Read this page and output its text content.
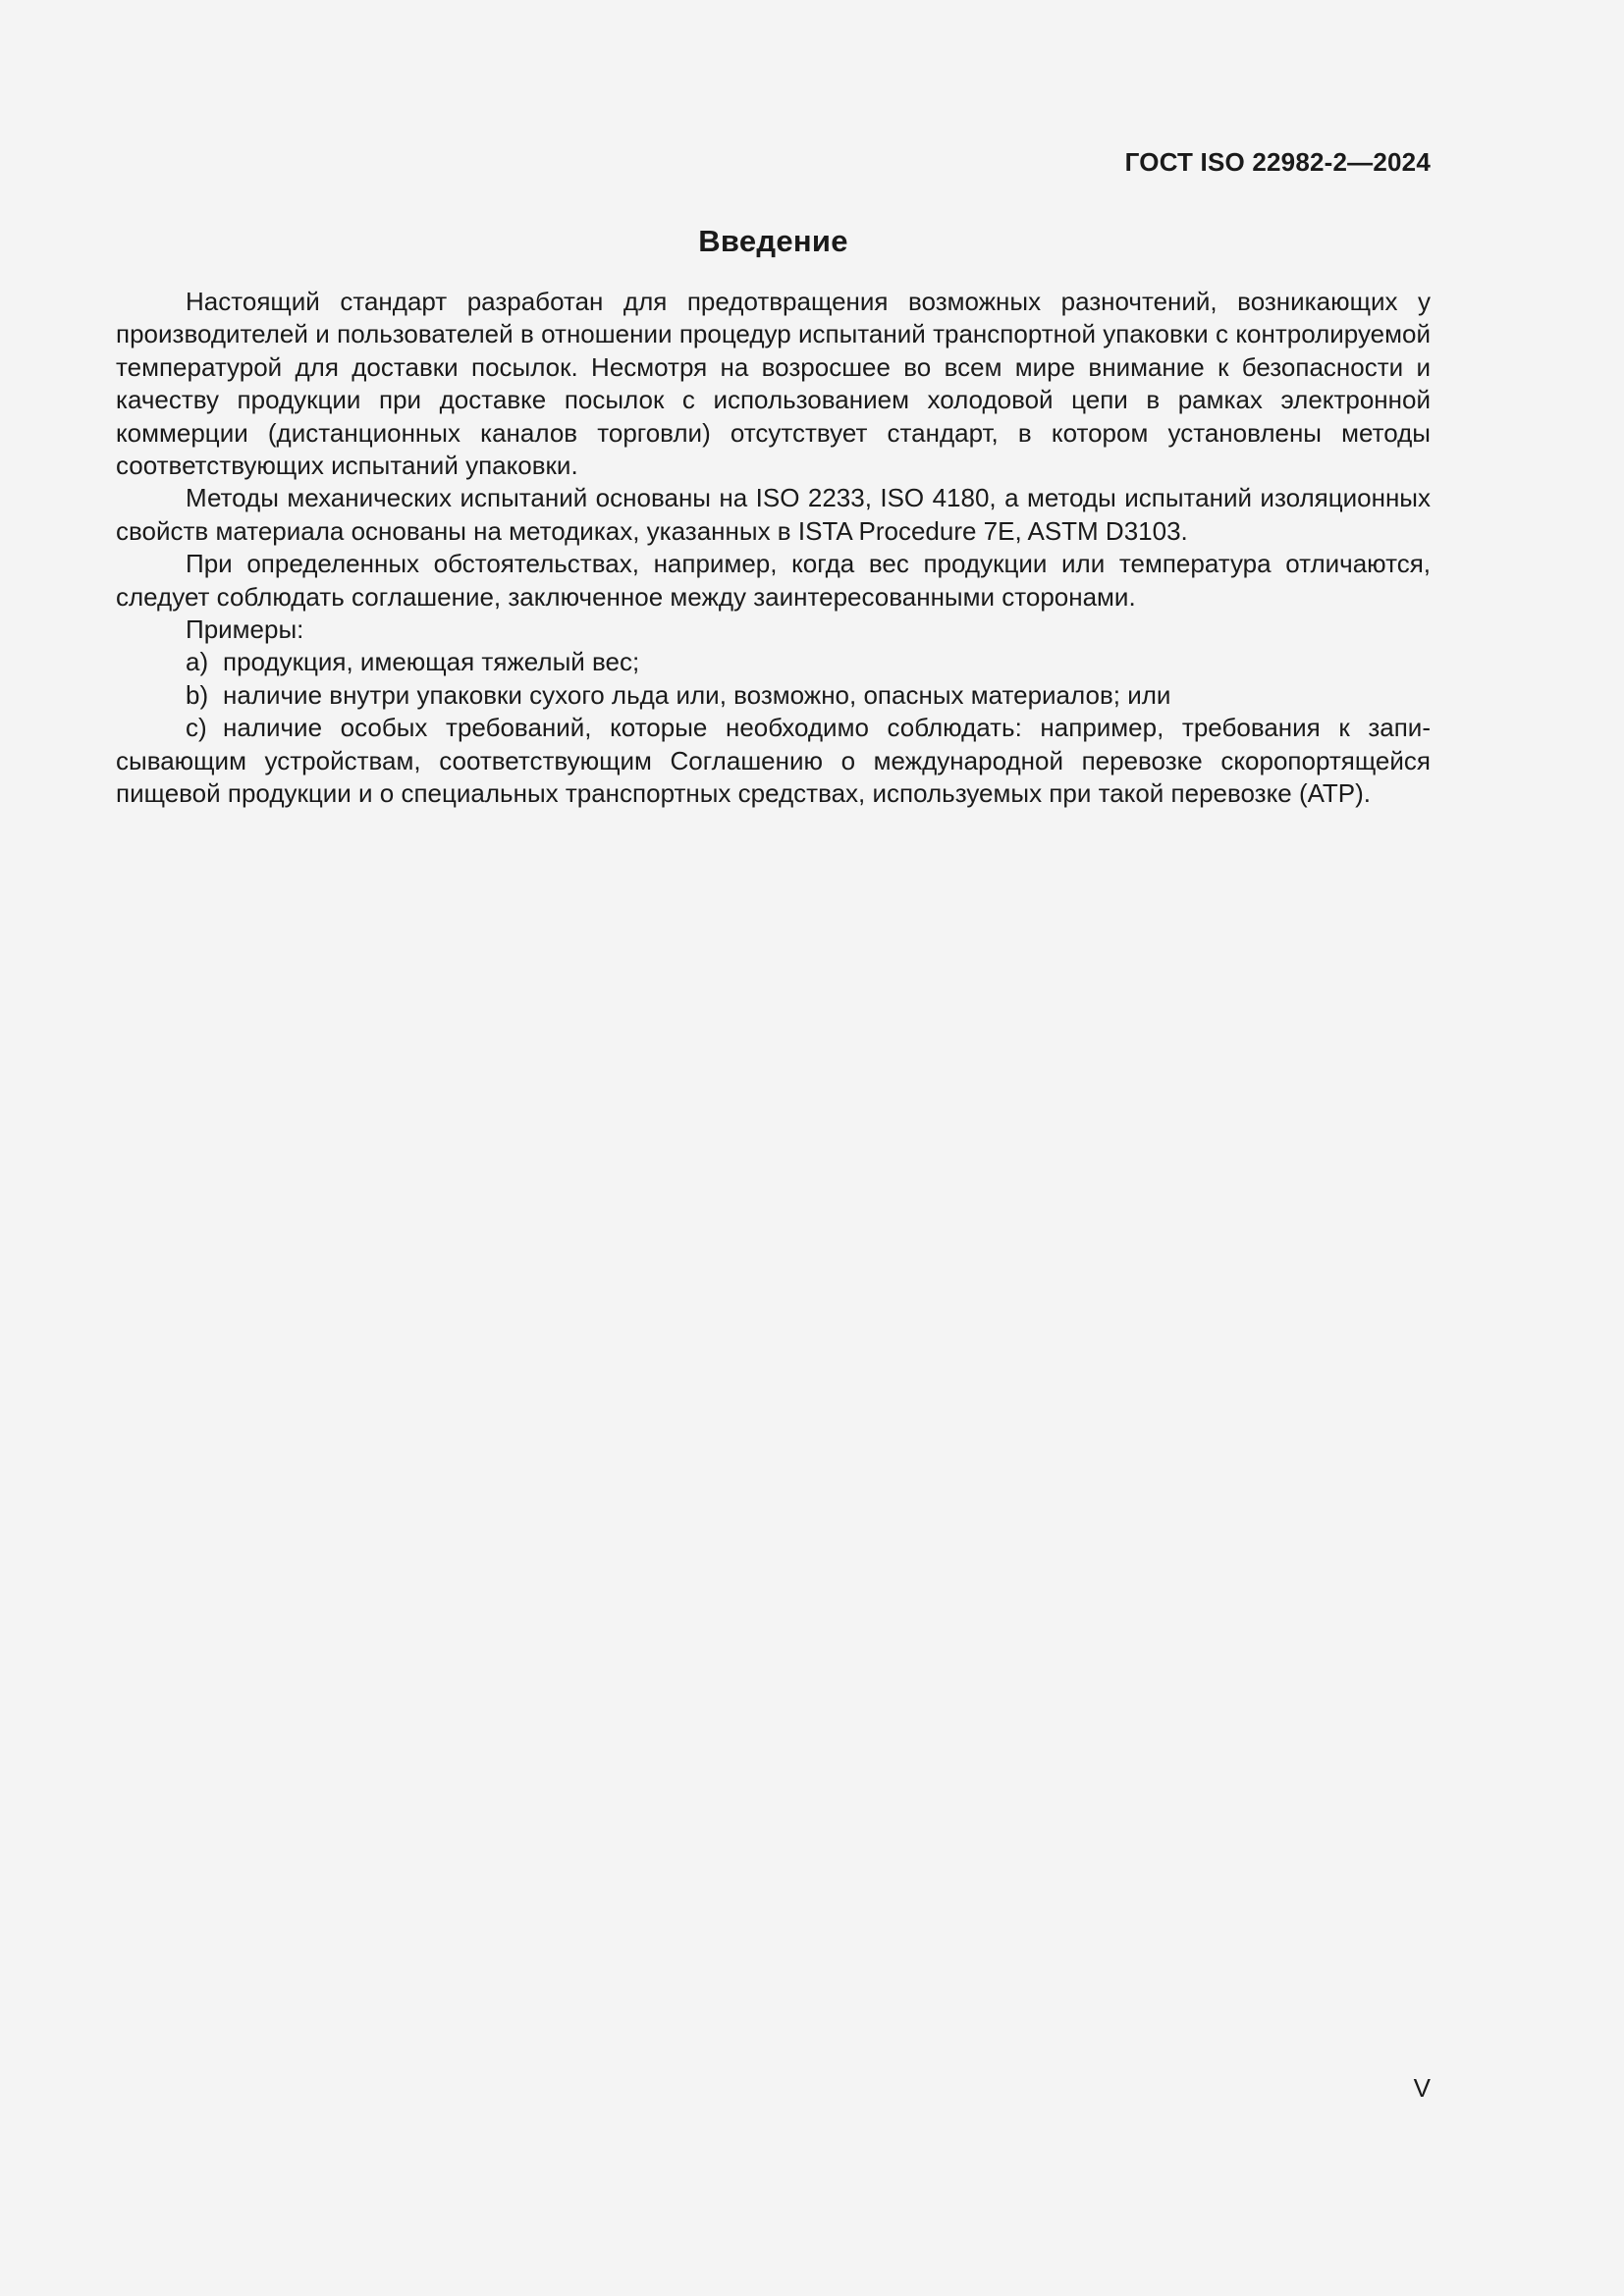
ГОСТ ISO 22982-2—2024
Введение

Настоящий стандарт разработан для предотвращения возможных разночтений, возникающих у производителей и пользователей в отношении процедур испытаний транспортной упаковки с контролируемой температурой для доставки посылок. Несмотря на возросшее во всем мире внимание к безопасности и качеству продукции при доставке посылок с использованием холодовой цепи в рамках электронной коммерции (дистанционных каналов торговли) отсутствует стандарт, в котором установлены методы соответствующих испытаний упаковки.

Методы механических испытаний основаны на ISO 2233, ISO 4180, а методы испытаний изоляционных свойств материала основаны на методиках, указанных в ISTA Procedure 7E, ASTM D3103.

При определенных обстоятельствах, например, когда вес продукции или температура отличаются, следует соблюдать соглашение, заключенное между заинтересованными сторонами.

Примеры:

a) продукция, имеющая тяжелый вес;

b) наличие внутри упаковки сухого льда или, возможно, опасных материалов; или

c) наличие особых требований, которые необходимо соблюдать: например, требования к записывающим устройствам, соответствующим Соглашению о международной перевозке скоропортящейся пищевой продукции и о специальных транспортных средствах, используемых при такой перевозке (АТР).

V
